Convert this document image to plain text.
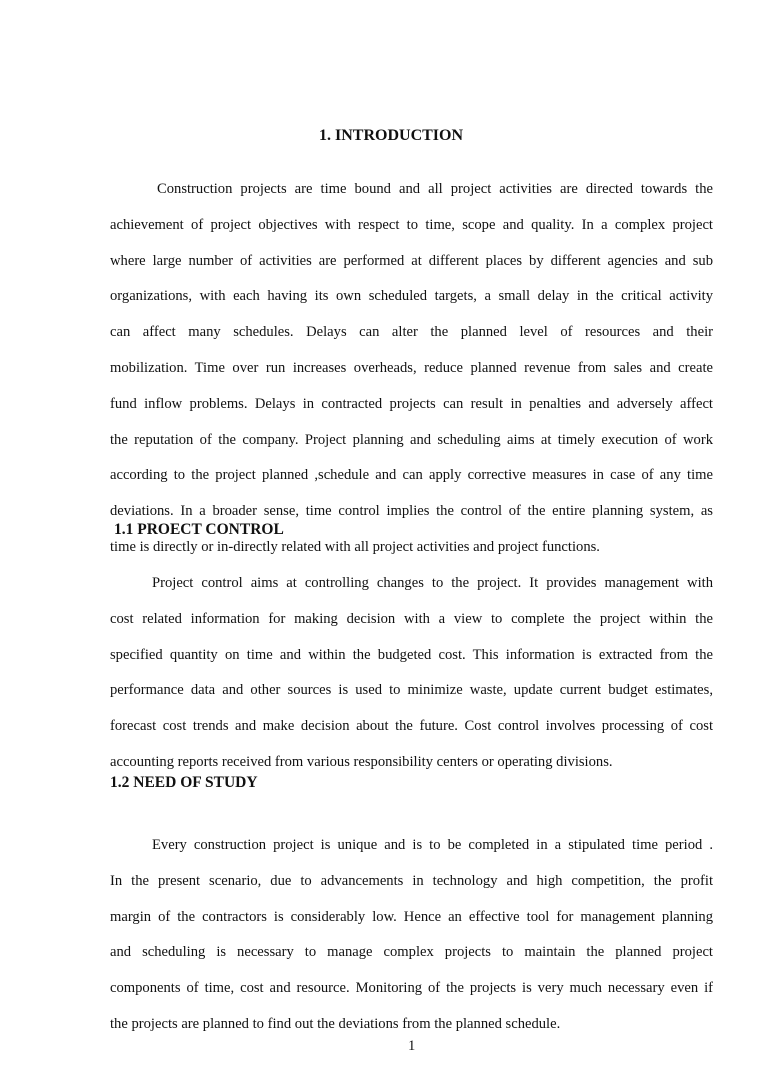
1. INTRODUCTION
Construction projects are time bound and all project activities are directed towards the
achievement of project objectives with respect to time, scope and quality. In a complex project
where large number of activities are performed at different places by different agencies and sub
organizations, with each having its own scheduled targets, a small delay in the critical activity
can affect many schedules. Delays can alter the planned level of resources and their
mobilization. Time over run increases overheads, reduce planned revenue from sales and create
fund inflow problems. Delays in contracted projects can result in penalties and adversely affect
the reputation of the company. Project planning and scheduling aims at timely execution of work
according to the project planned ,schedule and can apply corrective measures in case of any time
deviations. In a broader sense, time control implies the control of the entire planning system, as
time is directly or in-directly related with all project activities and project functions.
1.1 PROECT CONTROL
Project control aims at controlling changes to the project. It provides management with
cost related information for making decision with a view to complete the project within the
specified quantity on time and within the budgeted cost. This information is extracted from the
performance data and other sources is used to minimize waste, update current budget estimates,
forecast cost trends and make decision about the future. Cost control involves processing of cost
accounting reports received from various responsibility centers or operating divisions.
1.2 NEED OF STUDY
Every construction project is unique and is to be completed in a stipulated time period .
In the present scenario, due to advancements in technology and high competition, the profit
margin of the contractors is considerably low. Hence an effective tool for management planning
and scheduling is necessary to manage complex projects to maintain the planned project
components of time, cost and resource. Monitoring of the projects is very much necessary even if
the projects are planned to find out the deviations from the planned schedule.
1
